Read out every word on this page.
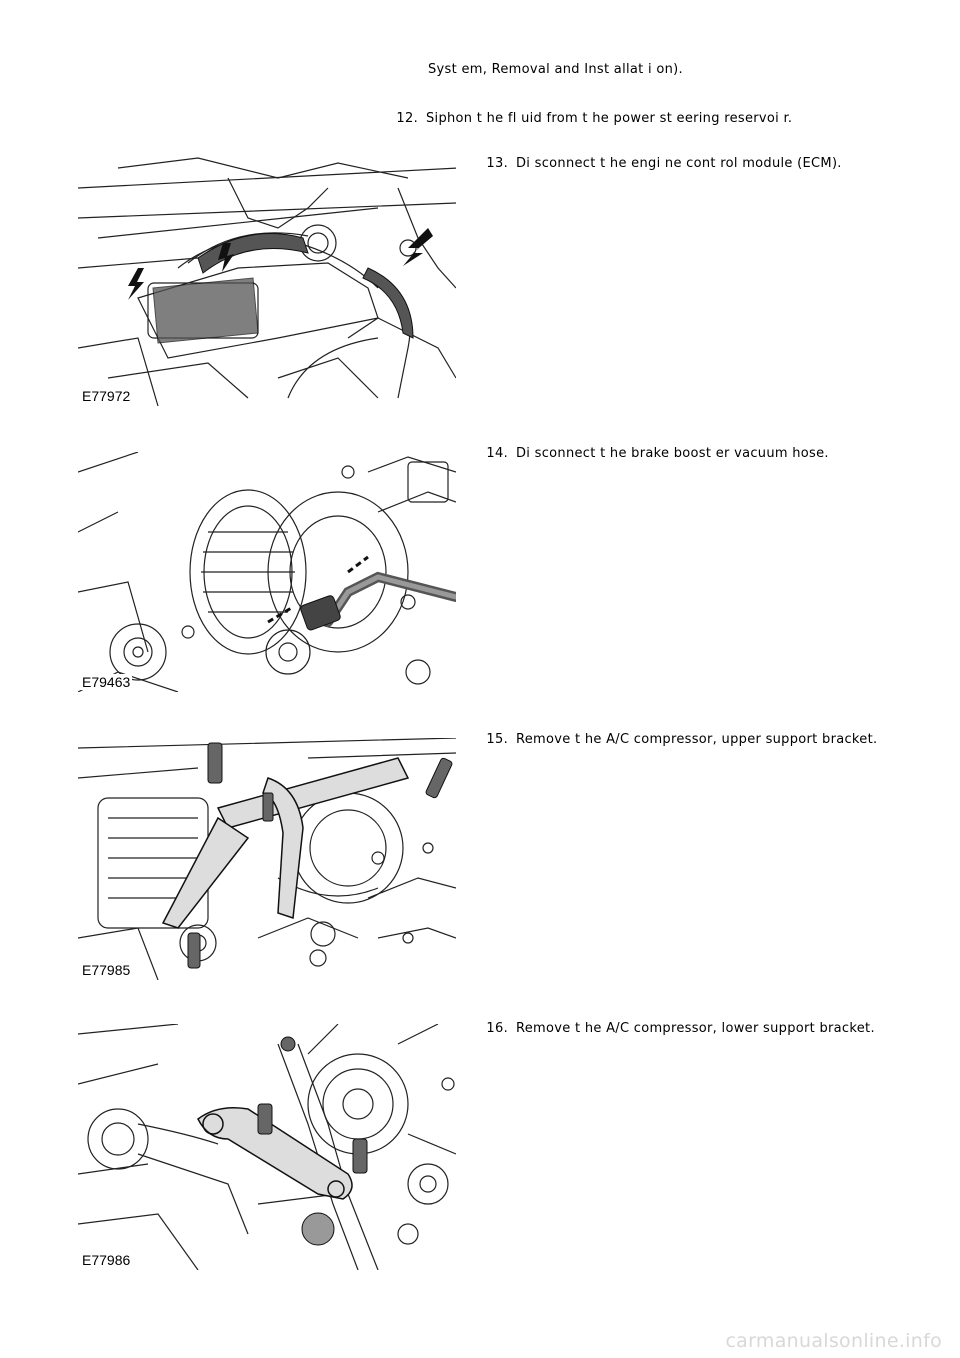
Syst em, Removal and Inst allat i on).
12. Siphon t he fl uid from t he power st eering reservoi r.
13. Di sconnect t he engi ne cont rol module (ECM).
E77972
14. Di sconnect t he brake boost er vacuum hose.
E79463
15. Remove t he A/C compressor, upper support bracket.
E77985
16. Remove t he A/C compressor, lower support bracket.
E77986
carmanualsonline.info
